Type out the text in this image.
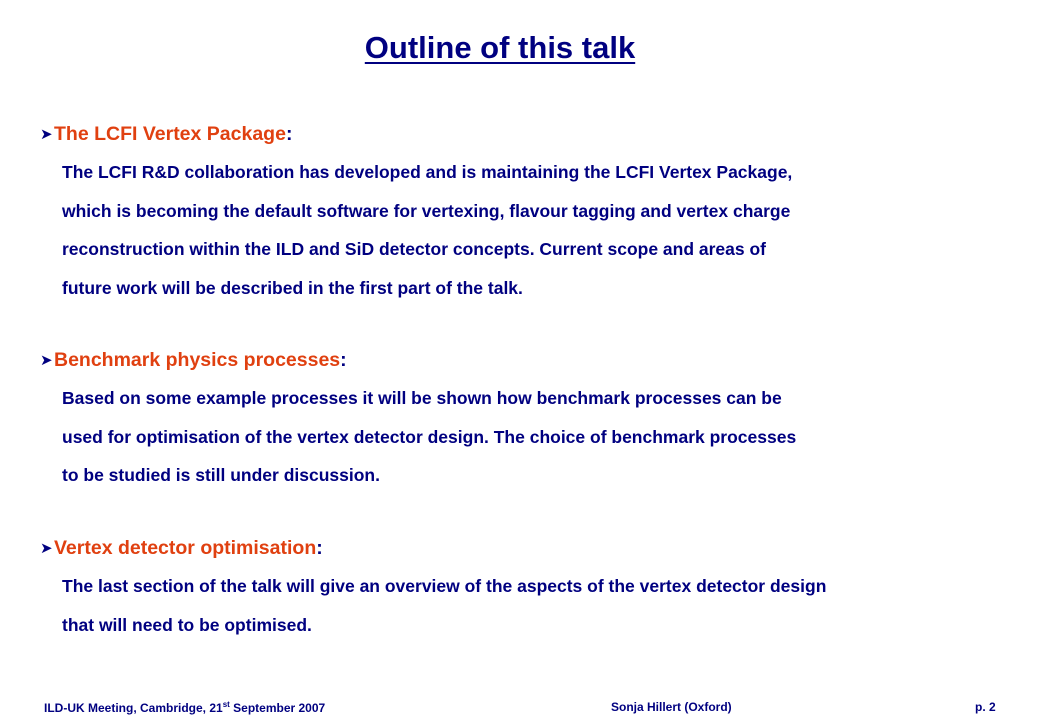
Outline of this talk
➤The LCFI Vertex Package:
The LCFI R&D collaboration has developed and is maintaining the LCFI Vertex Package,
which is becoming the default software for vertexing, flavour tagging and vertex charge
reconstruction within the ILD and SiD detector concepts. Current scope and areas of
future work will be described in the first part of the talk.
➤Benchmark physics processes:
Based on some example processes it will be shown how benchmark processes can be
used for optimisation of the vertex detector design. The choice of benchmark processes
to be studied is still under discussion.
➤Vertex detector optimisation:
The last section of the talk will give an overview of the aspects of the vertex detector design
that will need to be optimised.
ILD-UK Meeting, Cambridge, 21st September 2007	Sonja Hillert (Oxford)	p. 2
